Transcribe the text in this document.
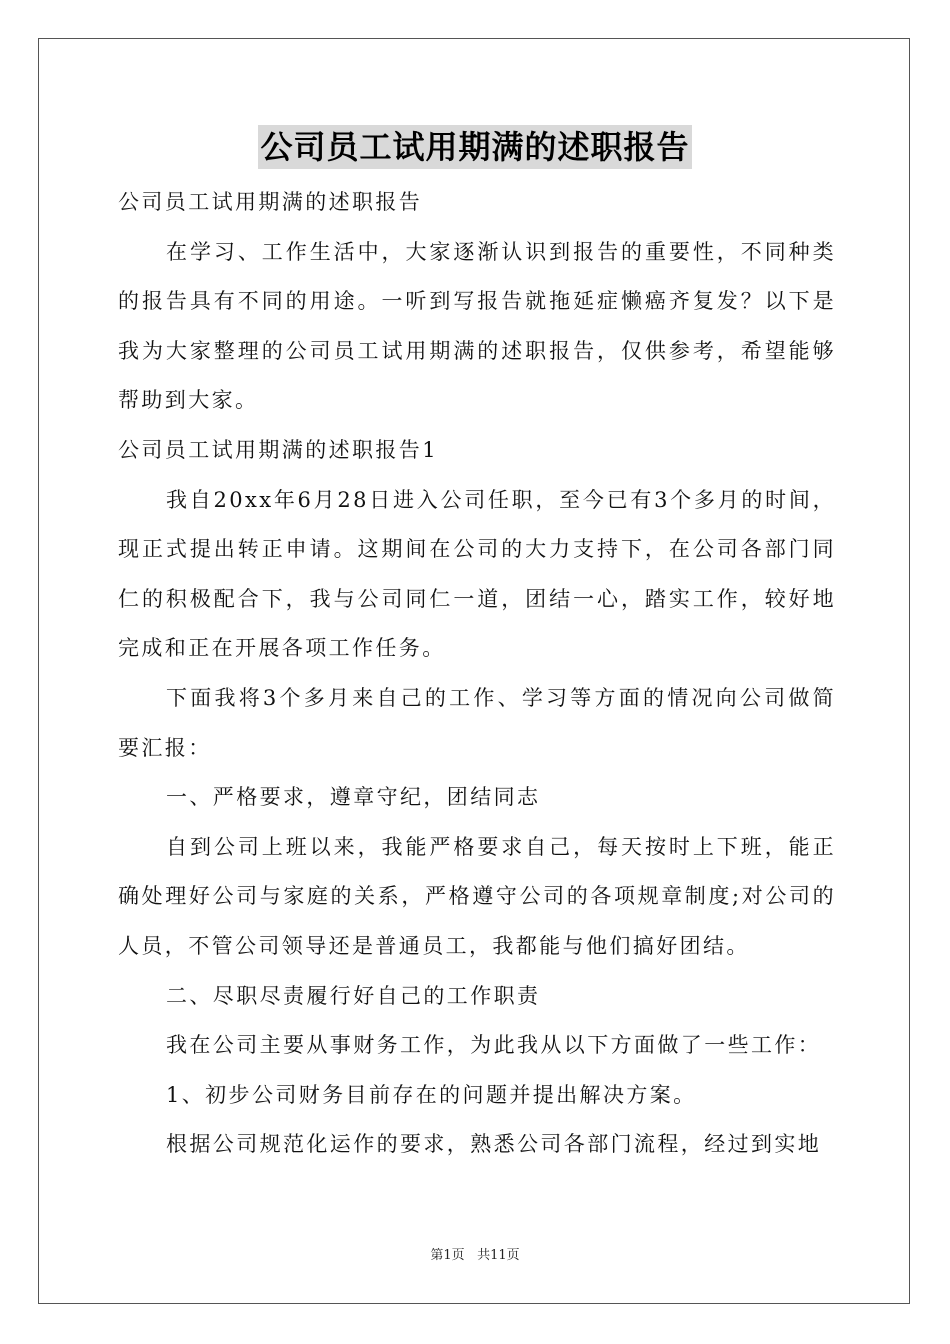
公司员工试用期满的述职报告

公司员工试用期满的述职报告

在学习、工作生活中，大家逐渐认识到报告的重要性，不同种类的报告具有不同的用途。一听到写报告就拖延症懒癌齐复发？以下是我为大家整理的公司员工试用期满的述职报告，仅供参考，希望能够帮助到大家。

公司员工试用期满的述职报告1

我自20xx年6月28日进入公司任职，至今已有3个多月的时间，现正式提出转正申请。这期间在公司的大力支持下，在公司各部门同仁的积极配合下，我与公司同仁一道，团结一心，踏实工作，较好地完成和正在开展各项工作任务。

下面我将3个多月来自己的工作、学习等方面的情况向公司做简要汇报：

一、严格要求，遵章守纪，团结同志

自到公司上班以来，我能严格要求自己，每天按时上下班，能正确处理好公司与家庭的关系，严格遵守公司的各项规章制度;对公司的人员，不管公司领导还是普通员工，我都能与他们搞好团结。

二、尽职尽责履行好自己的工作职责

我在公司主要从事财务工作，为此我从以下方面做了一些工作：

1、初步公司财务目前存在的问题并提出解决方案。

根据公司规范化运作的要求，熟悉公司各部门流程，经过到实地

第1页 共11页
